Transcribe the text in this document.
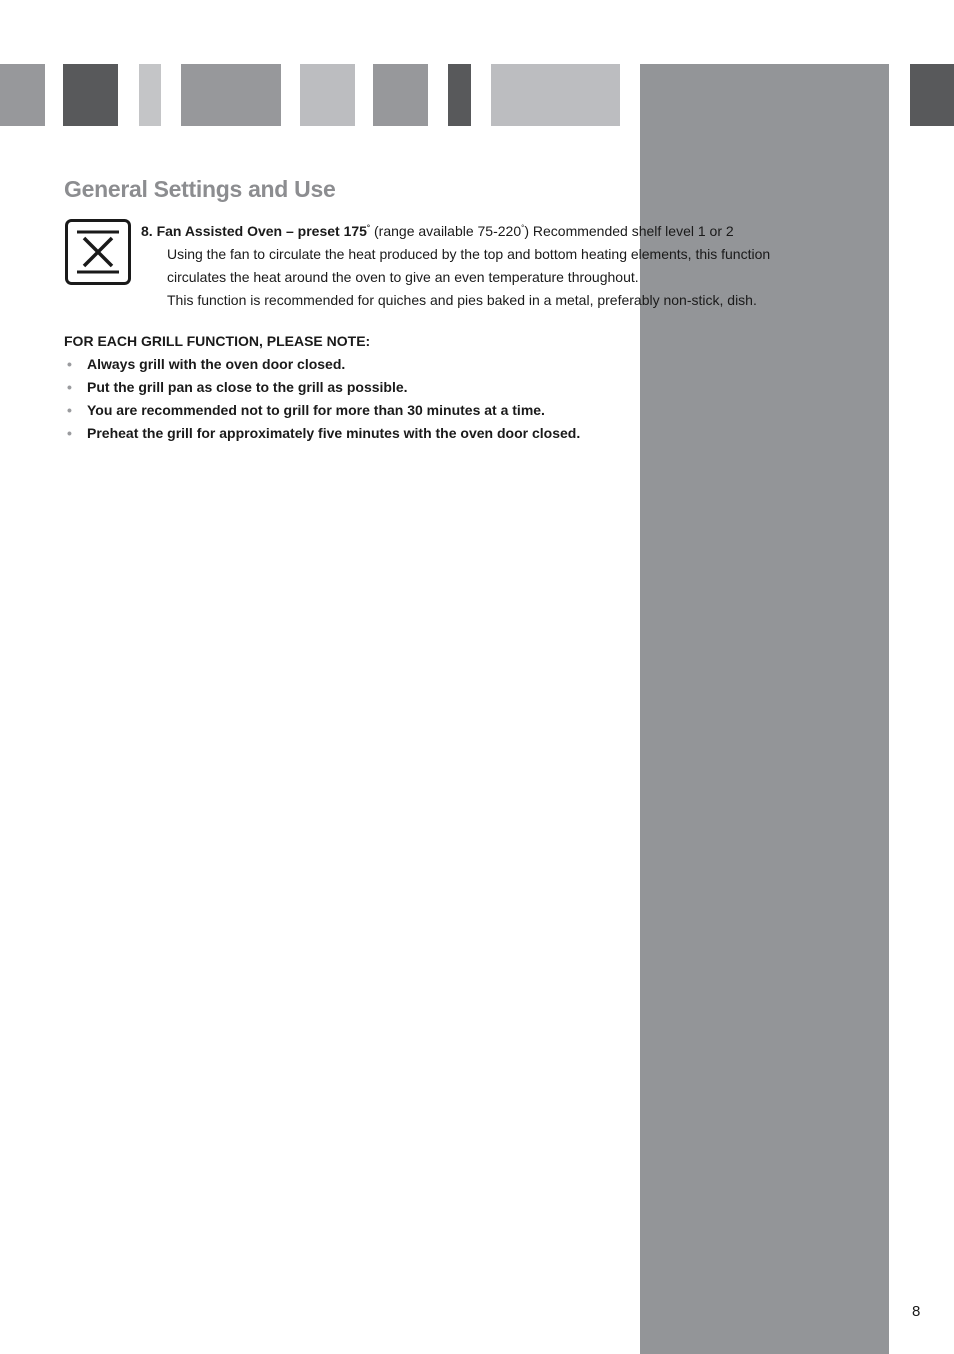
General Settings and Use
8. Fan Assisted Oven – preset 175° (range available 75-220°) Recommended shelf level 1 or 2
Using the fan to circulate the heat produced by the top and bottom heating elements, this function
circulates the heat around the oven to give an even temperature throughout.
This function is recommended for quiches and pies baked in a metal, preferably non-stick, dish.
FOR EACH GRILL FUNCTION, PLEASE NOTE:
• Always grill with the oven door closed.
• Put the grill pan as close to the grill as possible.
• You are recommended not to grill for more than 30 minutes at a time.
• Preheat the grill for approximately five minutes with the oven door closed.
8
